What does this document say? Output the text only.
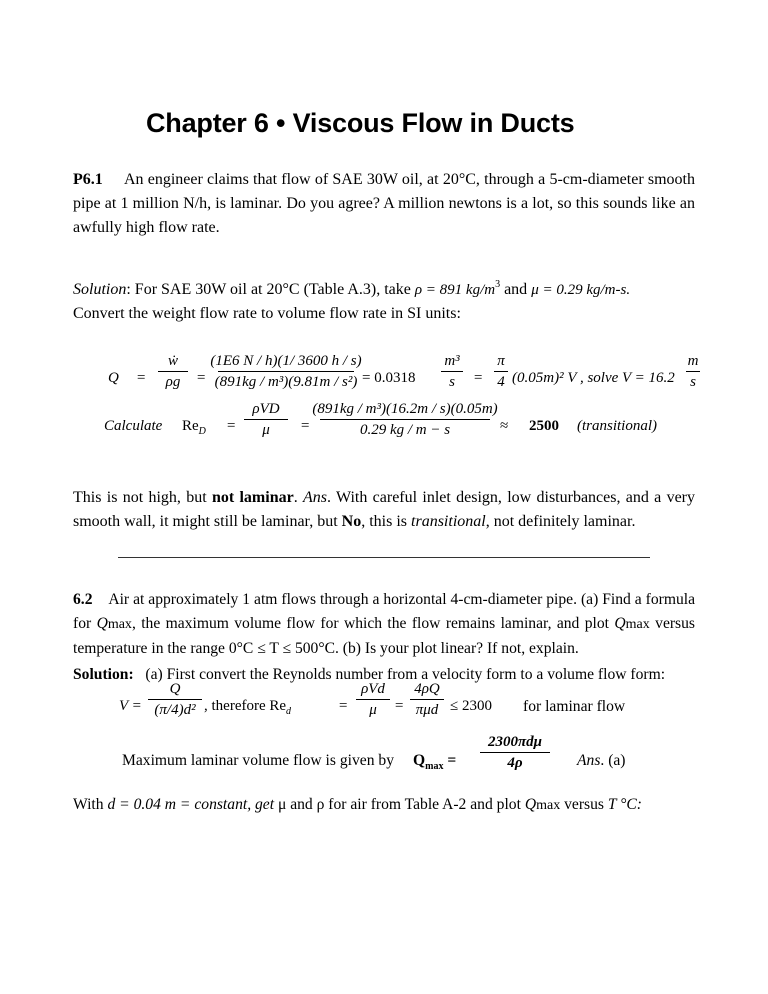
Chapter 6 • Viscous Flow in Ducts
P6.1 An engineer claims that flow of SAE 30W oil, at 20°C, through a 5-cm-diameter smooth pipe at 1 million N/h, is laminar. Do you agree? A million newtons is a lot, so this sounds like an awfully high flow rate.
Solution: For SAE 30W oil at 20°C (Table A.3), take ρ = 891 $kg/m^3$ and μ = 0.29 kg/m-s.
Convert the weight flow rate to volume flow rate in SI units:
Q =
ẇ
ρg =
(1E6 N / h)(1/ 3600 h / s)
(891kg / m³)(9.81m / s²) = 0.0318
m³
s =
π
4 (0.05m)² V , solve V = 16.2
m
s
Calculate $Re_D$ =
ρVD
μ =
(891kg / m³)(16.2m / s)(0.05m)
0.29 kg / m − s	≈ 2500 (transitional)
This is not high, but not laminar. Ans. With careful inlet design, low disturbances, and a very smooth wall, it might still be laminar, but No, this is transitional, not definitely laminar.
6.2 Air at approximately 1 atm flows through a horizontal 4-cm-diameter pipe. (a) Find a formula for Qmax, the maximum volume flow for which the flow remains laminar, and plot Qmax versus temperature in the range 0°C ≤ T ≤ 500°C. (b) Is your plot linear? If not, explain.
Solution: (a) First convert the Reynolds number from a velocity form to a volume flow form:
V =
Q
(π/4)d² , therefore $Re_d$	=
ρVd
μ =
4ρQ
πμd ≤ 2300 for laminar flow
Maximum laminar volume flow is given by $Q_{max}$ =
2300πdμ
4ρ	Ans. (a)
With d = 0.04 m = constant, get μ and ρ for air from Table A-2 and plot Qmax versus T °C:
